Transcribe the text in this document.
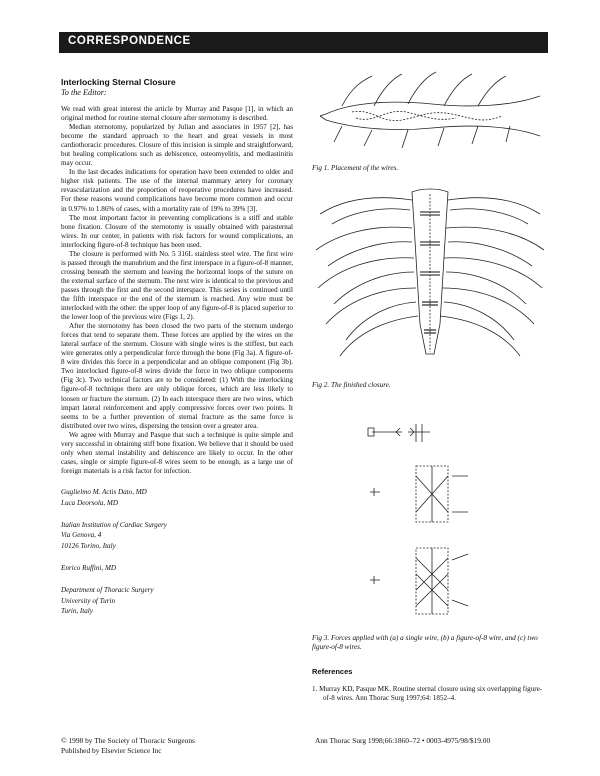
CORRESPONDENCE
Interlocking Sternal Closure

To the Editor:

We read with great interest the article by Murray and Pasque [1], in which an original method for routine sternal closure after sternotomy is described.

Median sternotomy, popularized by Julian and associates in 1957 [2], has become the standard approach to the heart and great vessels in most cardiothoracic procedures. Closure of this incision is simple and straightforward, but healing complications such as dehiscence, osteomyelitis, and mediastinitis may occur.

In the last decades indications for operation have been extended to older and higher risk patients. The use of the internal mammary artery for coronary revascularization and the proportion of reoperative procedures have increased. For these reasons wound complications have become more common and occur in 0.97% to 1.86% of cases, with a mortality rate of 19% to 39% [3].

The most important factor in preventing complications is a stiff and stable bone fixation. Closure of the sternotomy is usually obtained with parasternal wires. In our center, in patients with risk factors for wound complications, an interlocking figure-of-8 technique has been used.

The closure is performed with No. 5 316L stainless steel wire. The first wire is passed through the manubrium and the first interspace in a figure-of-8 manner, crossing beneath the sternum and leaving the horizontal loops of the suture on the external surface of the sternum. The next wire is identical to the previous and passes through the first and the second interspace. This series is continued until the fifth interspace or the end of the sternum is reached. Any wire must be interlocked with the other: the upper loop of any figure-of-8 is placed superior to the lower loop of the previous wire (Figs 1, 2).

After the sternotomy has been closed the two parts of the sternum undergo forces that tend to separate them. These forces are applied by the wires on the lateral surface of the sternum. Closure with single wires is the stiffest, but each wire generates only a perpendicular force through the bone (Fig 3a). A figure-of-8 wire divides this force in a perpendicular and an oblique component (Fig 3b). Two interlocked figure-of-8 wires divide the force in two oblique components (Fig 3c). Two technical factors are to be considered: (1) With the interlocking figure-of-8 technique there are only oblique forces, which are less likely to loosen or fracture the sternum. (2) In each interspace there are two wires, which impart lateral reinforcement and apply compressive forces over two points. It seems to be a further prevention of sternal fracture as the same force is distributed over two wires, dispersing the tension over a greater area.

We agree with Murray and Pasque that such a technique is quite simple and very successful in obtaining stiff bone fixation. We believe that it should be used only when sternal instability and dehiscence are likely to occur. In the other cases, single or simple figure-of-8 wires seem to be enough, as a large use of foreign materials is a risk factor for infection.

Guglielmo M. Actis Dato, MD

Luca Deorsola, MD

Italian Institution of Cardiac Surgery

Via Genova, 4

10126 Torino, Italy

Enrico Ruffini, MD

Department of Thoracic Surgery

University of Turin

Turin, Italy

Fig 1. Placement of the wires.
Fig 2. The finished closure.
Fig 3. Forces applied with (a) a single wire, (b) a figure-of-8 wire, and (c) two figure-of-8 wires.
References
1. Murray KD, Pasque MK. Routine sternal closure using six overlapping figure-of-8 wires. Ann Thorac Surg 1997;64: 1852–4.
© 1998 by The Society of Thoracic Surgeons
Published by Elsevier Science Inc
Ann Thorac Surg 1998;66:1860–72 • 0003-4975/98/$19.00
